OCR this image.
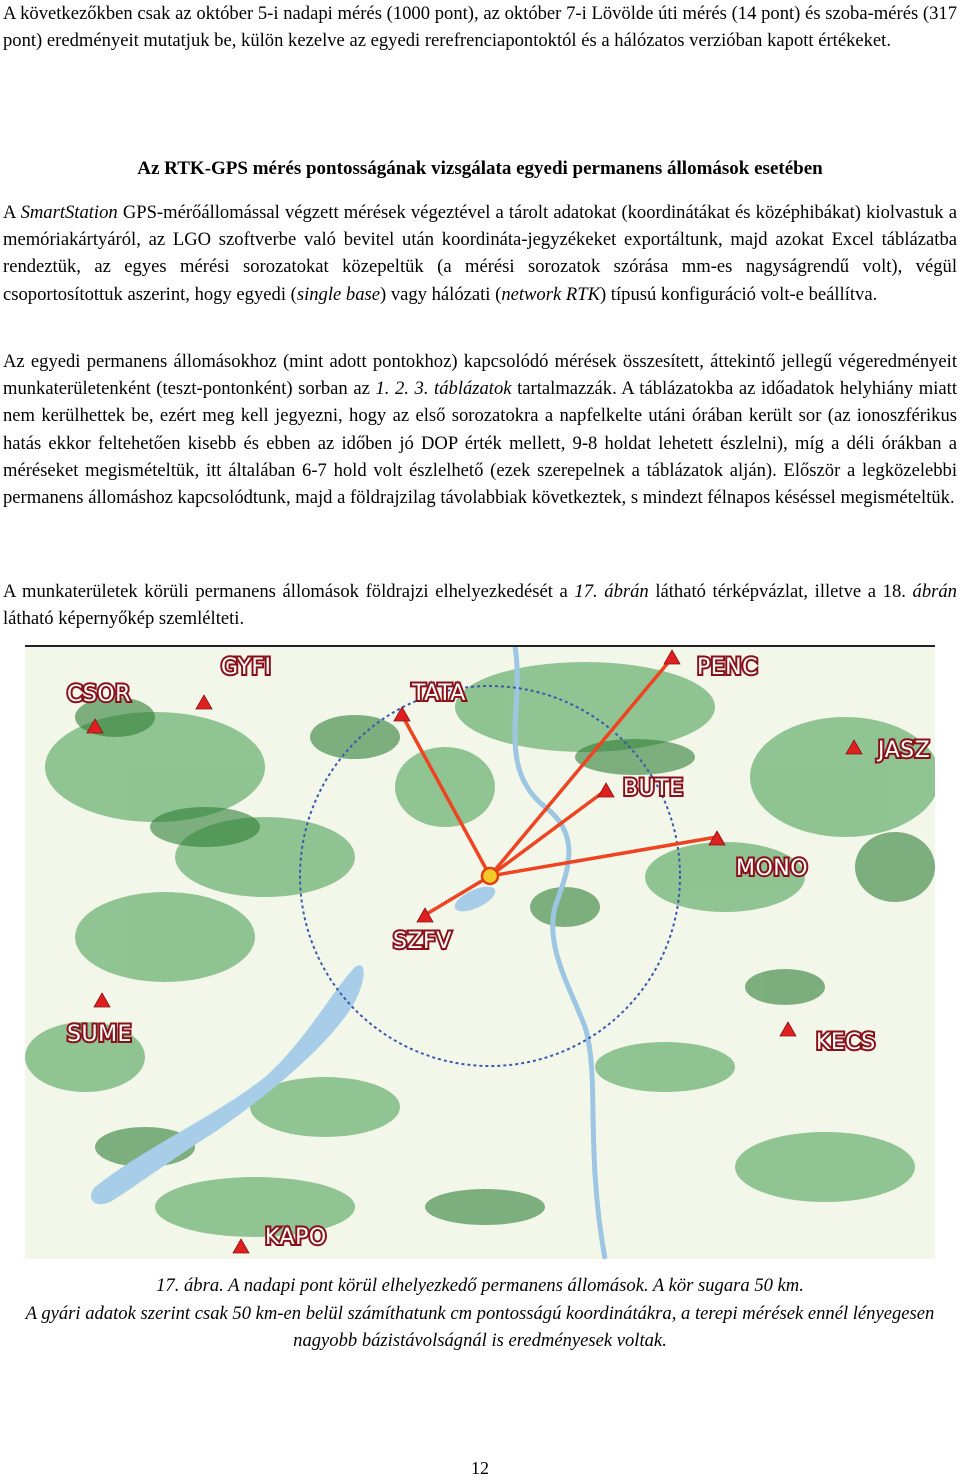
A következőkben csak az október 5-i nadapi mérés (1000 pont), az október 7-i Lövölde úti mérés (14 pont) és szoba-mérés (317 pont) eredményeit mutatjuk be, külön kezelve az egyedi rerefrenciapontoktól és a hálózatos verzióban kapott értékeket.

Az RTK-GPS mérés pontosságának vizsgálata egyedi permanens állomások esetében

A SmartStation GPS-mérőállomással végzett mérések végeztével a tárolt adatokat (koordinátákat és középhibákat) kiolvastuk a memóriakártyáról, az LGO szoftverbe való bevitel után koordináta-jegyzékeket exportáltunk, majd azokat Excel táblázatba rendeztük, az egyes mérési sorozatokat közepeltük (a mérési sorozatok szórása mm-es nagyságrendű volt), végül csoportosítottuk aszerint, hogy egyedi (single base) vagy hálózati (network RTK) típusú konfiguráció volt-e beállítva.

Az egyedi permanens állomásokhoz (mint adott pontokhoz) kapcsolódó mérések összesített, áttekintő jellegű végeredményeit munkaterületenként (teszt-pontonként) sorban az 1. 2. 3. táblázatok tartalmazzák. A táblázatokba az időadatok helyhiány miatt nem kerülhettek be, ezért meg kell jegyezni, hogy az első sorozatokra a napfelkelte utáni órában került sor (az ionoszférikus hatás ekkor feltehetően kisebb és ebben az időben jó DOP érték mellett, 9-8 holdat lehetett észlelni), míg a déli órákban a méréseket megismételtük, itt általában 6-7 hold volt észlelhető (ezek szerepelnek a táblázatok alján). Először a legközelebbi permanens állomáshoz kapcsolódtunk, majd a földrajzilag távolabbiak következtek, s mindezt félnapos késéssel megismételtük.

A munkaterületek körüli permanens állomások földrajzi elhelyezkedését a 17. ábrán látható térképvázlat, illetve a 18. ábrán látható képernyőkép szemlélteti.

CSOR
GYFI
TATA
PENC
JASZ
BUTE
MONO
SZFV
SUME	KECS
KAPO
17. ábra. A nadapi pont körül elhelyezkedő permanens állomások. A kör sugara 50 km.
A gyári adatok szerint csak 50 km-en belül számíthatunk cm pontosságú koordinátákra, a terepi mérések ennél lényegesen nagyobb bázistávolságnál is eredményesek voltak.
12
